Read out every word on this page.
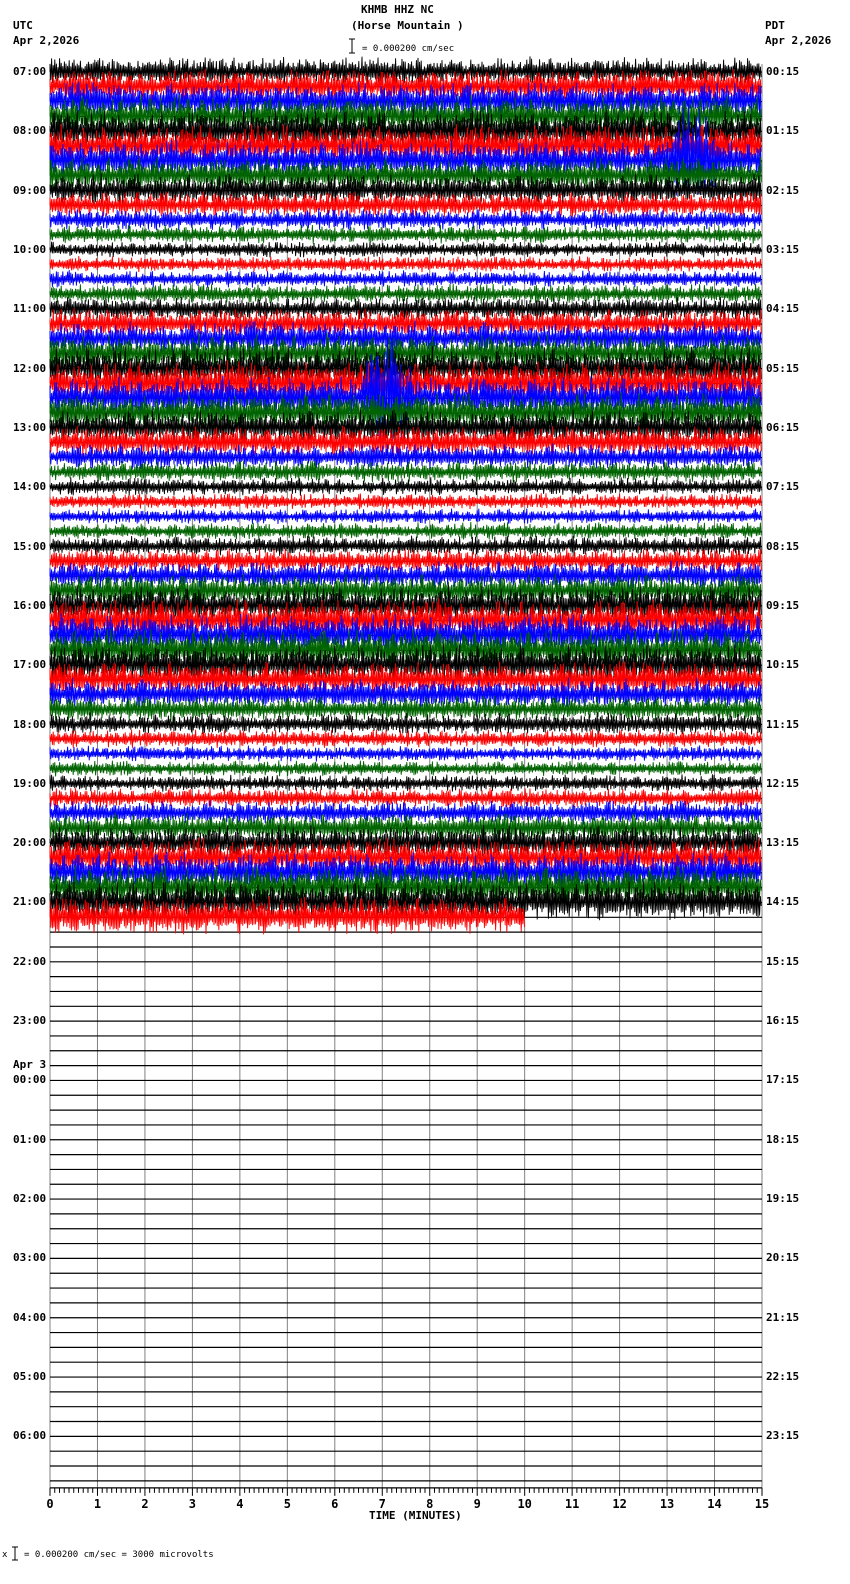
0	1	2	3	4	5	6	7	8	9	10	11	12	13	14	15
KHMB HHZ NC
(Horse Mountain )
UTC
Apr 2,2026
PDT
Apr 2,2026
= 0.000200 cm/sec
x = 0.000200 cm/sec = 3000 microvolts
TIME (MINUTES)
07:00
08:00
09:00
10:00
11:00
12:00
13:00
14:00
15:00
16:00
17:00
18:00
19:00
20:00
21:00
22:00
23:00
Apr 3
00:00
01:00
02:00
03:00
04:00
05:00
06:00
00:15
01:15
02:15
03:15
04:15
05:15
06:15
07:15
08:15
09:15
10:15
11:15
12:15
13:15
14:15
15:15
16:15
17:15
18:15
19:15
20:15
21:15
22:15
23:15
